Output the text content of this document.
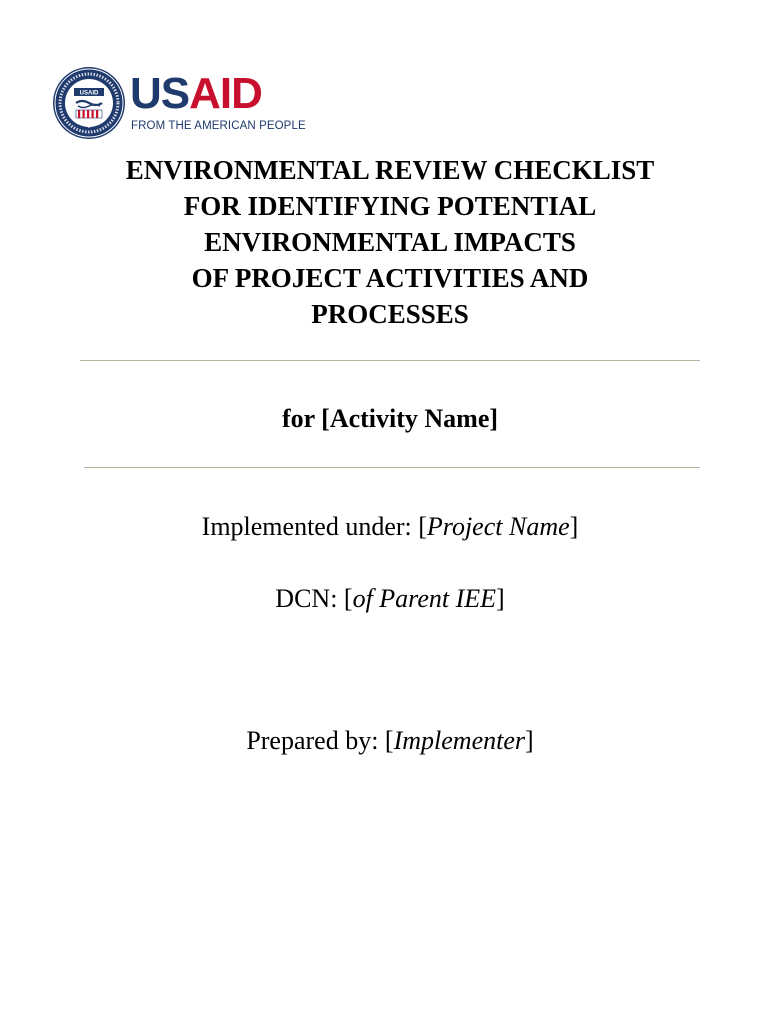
USAID USAID
FROM THE AMERICAN PEOPLE
ENVIRONMENTAL REVIEW CHECKLIST
FOR IDENTIFYING POTENTIAL
ENVIRONMENTAL IMPACTS
OF PROJECT ACTIVITIES AND
PROCESSES
for [Activity Name]
Implemented under: [Project Name]
DCN: [of Parent IEE]
Prepared by: [Implementer]
